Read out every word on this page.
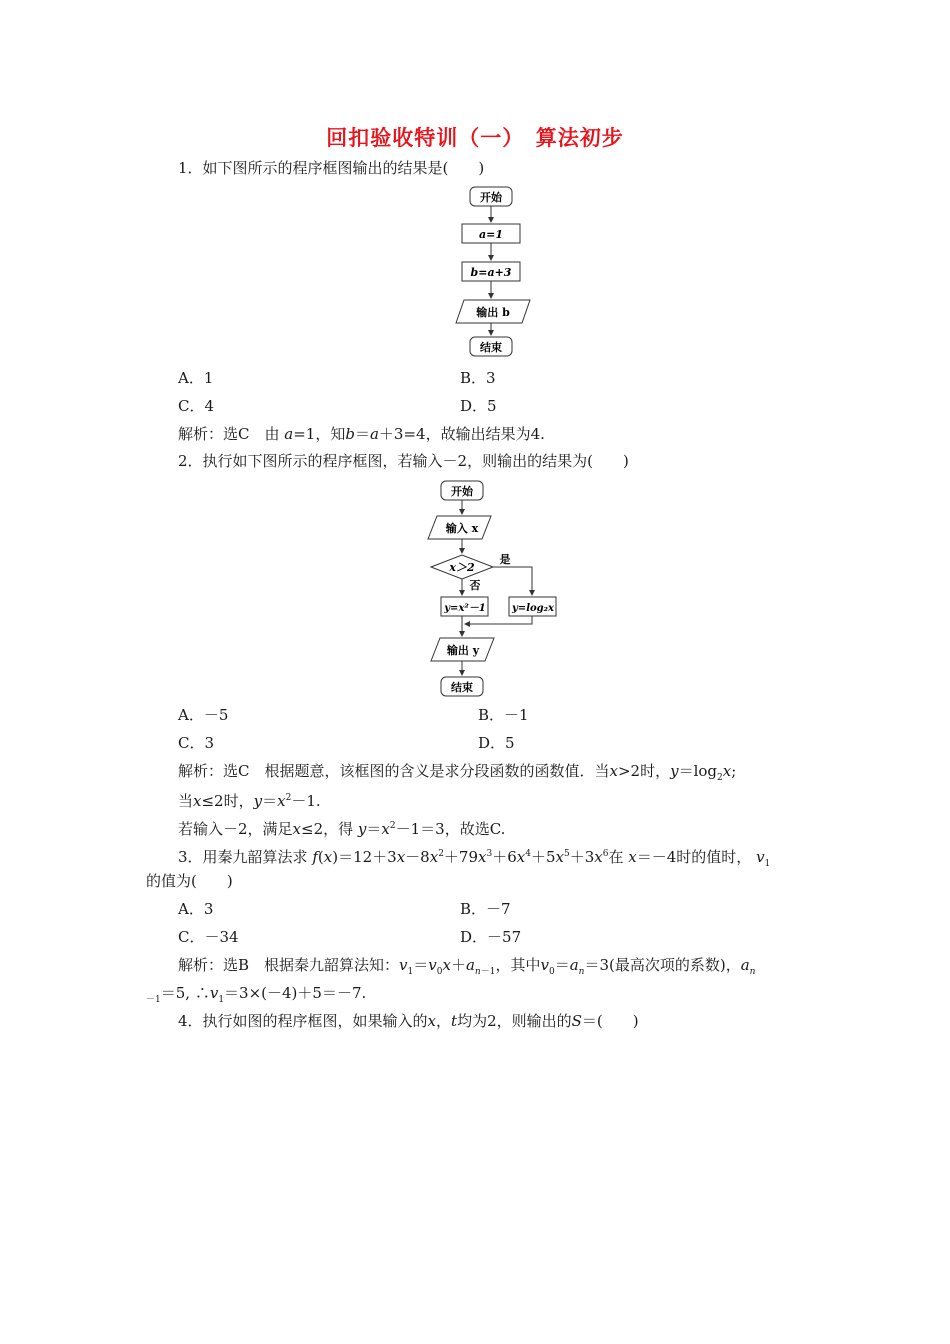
回扣验收特训（一）　算法初步
1．如下图所示的程序框图输出的结果是(　　)
开始
a=1
b=a+3
输出 b
结束
A．1	B．3
C．4	D．5
解析：选C　由 a=1，知b＝a＋3=4，故输出结果为4.
2．执行如下图所示的程序框图，若输入－2，则输出的结果为(　　)
开始
输入 x
x＞2
是
否
y=x²－1	y=log₂x
输出 y
结束
A．－5	B．－1
C．3	D．5
解析：选C　根据题意，该框图的含义是求分段函数的函数值．当x>2时，$y=\log_2x$;
当x≤2时，$y=x^2-1$.
若输入－2，满足x≤2，得 $y=x^2-1=3$，故选C.
3．用秦九韶算法求 $f(x)=12+3x-8x^2+79x^3+6x^4+5x^5+3x^6$在 x＝－4时的值时， $v_1$
的值为(　　)
A．3	B．－7
C．－34	D．－57
解析：选B　根据秦九韶算法知：$v_1=v_0x+a_{n-1}$，其中$v_0=a_n=3$(最高次项的系数)，$a_n$
$_{-1}$＝5, $\therefore v_1=3\times(-4)+5=-7$.
4．执行如图的程序框图，如果输入的x，t均为2，则输出的S＝(　　)
